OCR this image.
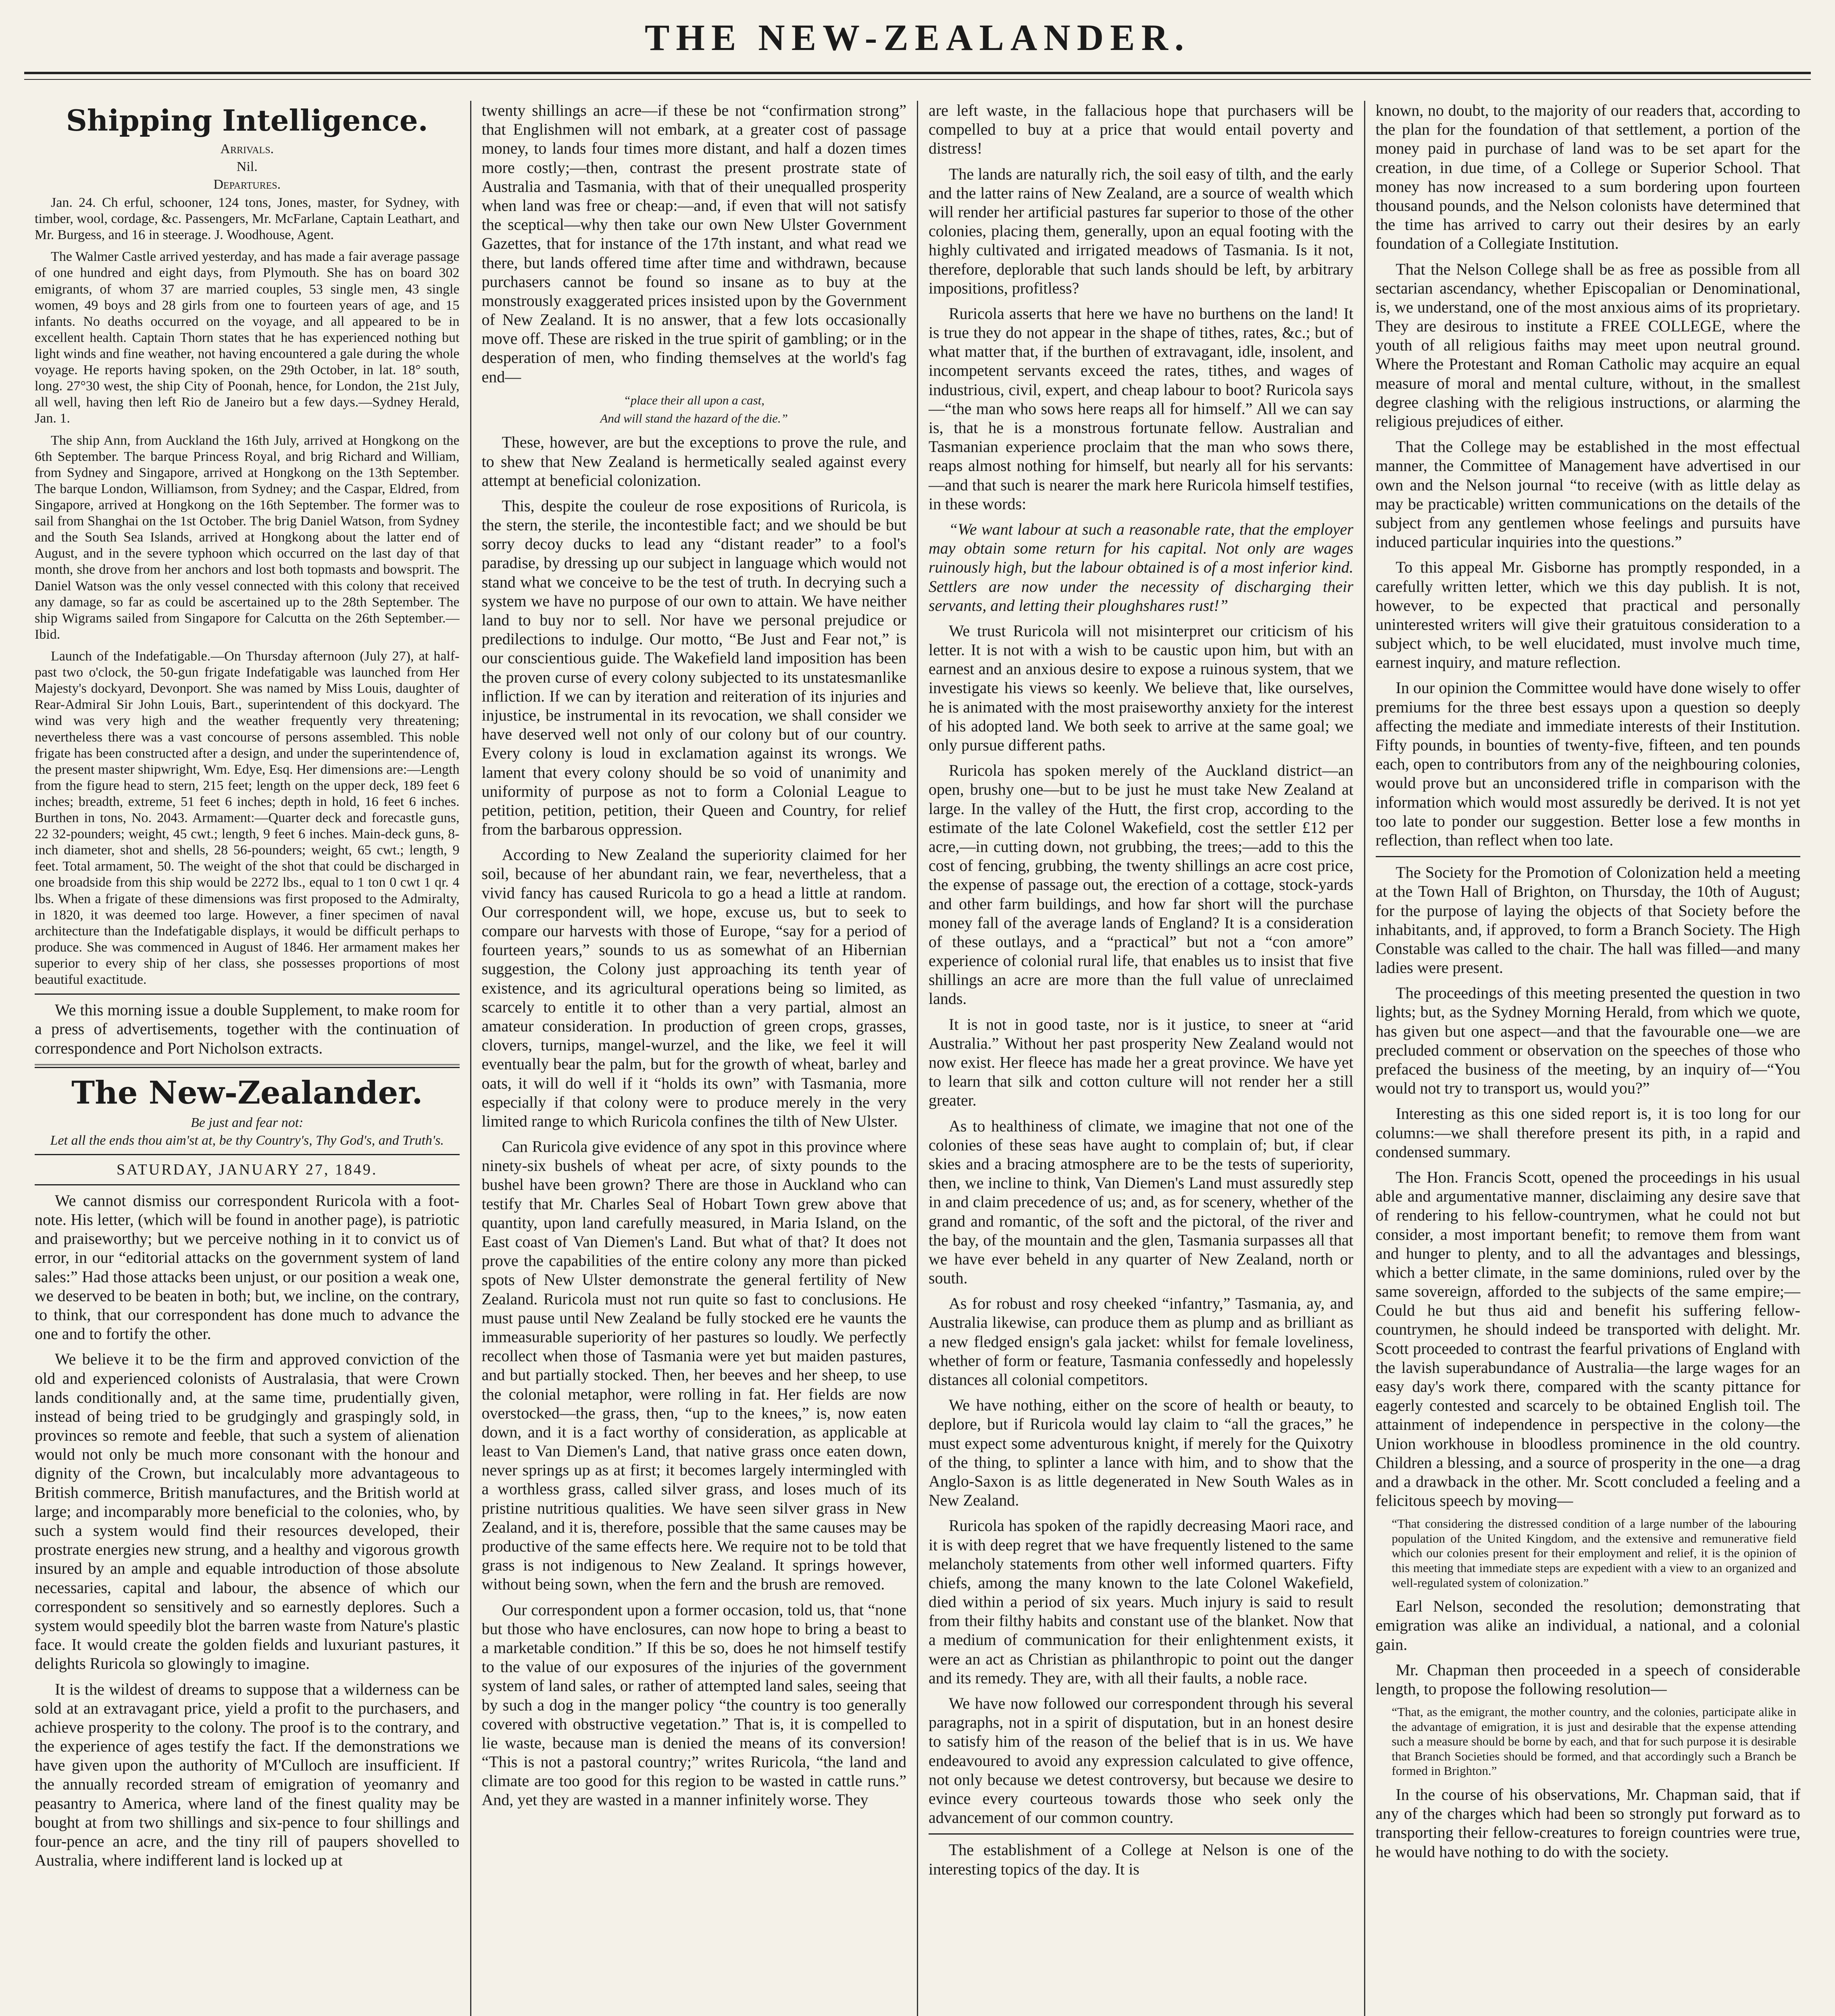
THE NEW-ZEALANDER.
Shipping Intelligence.
Arrivals.
Nil.
Departures.

Jan. 24. Ch erful, schooner, 124 tons, Jones, master, for Sydney, with timber, wool, cordage, &c. Passengers, Mr. McFarlane, Captain Leathart, and Mr. Burgess, and 16 in steerage. J. Woodhouse, Agent.

The Walmer Castle arrived yesterday, and has made a fair average passage of one hundred and eight days, from Plymouth. She has on board 302 emigrants, of whom 37 are married couples, 53 single men, 43 single women, 49 boys and 28 girls from one to fourteen years of age, and 15 infants. No deaths occurred on the voyage, and all appeared to be in excellent health. Captain Thorn states that he has experienced nothing but light winds and fine weather, not having encountered a gale during the whole voyage. He reports having spoken, on the 29th October, in lat. 18° south, long. 27°30 west, the ship City of Poonah, hence, for London, the 21st July, all well, having then left Rio de Janeiro but a few days.—Sydney Herald, Jan. 1.

The ship Ann, from Auckland the 16th July, arrived at Hongkong on the 6th September. The barque Princess Royal, and brig Richard and William, from Sydney and Singapore, arrived at Hongkong on the 13th September. The barque London, Williamson, from Sydney; and the Caspar, Eldred, from Singapore, arrived at Hongkong on the 16th September. The former was to sail from Shanghai on the 1st October. The brig Daniel Watson, from Sydney and the South Sea Islands, arrived at Hongkong about the latter end of August, and in the severe typhoon which occurred on the last day of that month, she drove from her anchors and lost both topmasts and bowsprit. The Daniel Watson was the only vessel connected with this colony that received any damage, so far as could be ascertained up to the 28th September. The ship Wigrams sailed from Singapore for Calcutta on the 26th September.—Ibid.

Launch of the Indefatigable.—On Thursday afternoon (July 27), at half-past two o'clock, the 50-gun frigate Indefatigable was launched from Her Majesty's dockyard, Devonport. She was named by Miss Louis, daughter of Rear-Admiral Sir John Louis, Bart., superintendent of this dockyard. The wind was very high and the weather frequently very threatening; nevertheless there was a vast concourse of persons assembled. This noble frigate has been constructed after a design, and under the superintendence of, the present master shipwright, Wm. Edye, Esq. Her dimensions are:—Length from the figure head to stern, 215 feet; length on the upper deck, 189 feet 6 inches; breadth, extreme, 51 feet 6 inches; depth in hold, 16 feet 6 inches. Burthen in tons, No. 2043. Armament:—Quarter deck and forecastle guns, 22 32-pounders; weight, 45 cwt.; length, 9 feet 6 inches. Main-deck guns, 8-inch diameter, shot and shells, 28 56-pounders; weight, 65 cwt.; length, 9 feet. Total armament, 50. The weight of the shot that could be discharged in one broadside from this ship would be 2272 lbs., equal to 1 ton 0 cwt 1 qr. 4 lbs. When a frigate of these dimensions was first proposed to the Admiralty, in 1820, it was deemed too large. However, a finer specimen of naval architecture than the Indefatigable displays, it would be difficult perhaps to produce. She was commenced in August of 1846. Her armament makes her superior to every ship of her class, she possesses proportions of most beautiful exactitude.

We this morning issue a double Supplement, to make room for a press of advertisements, together with the continuation of correspondence and Port Nicholson extracts.

The New-Zealander.
Be just and fear not:
Let all the ends thou aim'st at, be thy Country's, Thy God's, and Truth's.
SATURDAY, JANUARY 27, 1849.

We cannot dismiss our correspondent Ruricola with a foot-note. His letter, (which will be found in another page), is patriotic and praiseworthy; but we perceive nothing in it to convict us of error, in our “editorial attacks on the government system of land sales:” Had those attacks been unjust, or our position a weak one, we deserved to be beaten in both; but, we incline, on the contrary, to think, that our correspondent has done much to advance the one and to fortify the other.

We believe it to be the firm and approved conviction of the old and experienced colonists of Australasia, that were Crown lands conditionally and, at the same time, prudentially given, instead of being tried to be grudgingly and graspingly sold, in provinces so remote and feeble, that such a system of alienation would not only be much more consonant with the honour and dignity of the Crown, but incalculably more advantageous to British commerce, British manufactures, and the British world at large; and incomparably more beneficial to the colonies, who, by such a system would find their resources developed, their prostrate energies new strung, and a healthy and vigorous growth insured by an ample and equable introduction of those absolute necessaries, capital and labour, the absence of which our correspondent so sensitively and so earnestly deplores. Such a system would speedily blot the barren waste from Nature's plastic face. It would create the golden fields and luxuriant pastures, it delights Ruricola so glowingly to imagine.

It is the wildest of dreams to suppose that a wilderness can be sold at an extravagant price, yield a profit to the purchasers, and achieve prosperity to the colony. The proof is to the contrary, and the experience of ages testify the fact. If the demonstrations we have given upon the authority of M'Culloch are insufficient. If the annually recorded stream of emigration of yeomanry and peasantry to America, where land of the finest quality may be bought at from two shillings and six-pence to four shillings and four-pence an acre, and the tiny rill of paupers shovelled to Australia, where indifferent land is locked up at

twenty shillings an acre—if these be not “confirmation strong” that Englishmen will not embark, at a greater cost of passage money, to lands four times more distant, and half a dozen times more costly;—then, contrast the present prostrate state of Australia and Tasmania, with that of their unequalled prosperity when land was free or cheap:—and, if even that will not satisfy the sceptical—why then take our own New Ulster Government Gazettes, that for instance of the 17th instant, and what read we there, but lands offered time after time and withdrawn, because purchasers cannot be found so insane as to buy at the monstrously exaggerated prices insisted upon by the Government of New Zealand. It is no answer, that a few lots occasionally move off. These are risked in the true spirit of gambling; or in the desperation of men, who finding themselves at the world's fag end—

“place their all upon a cast,
And will stand the hazard of the die.”

These, however, are but the exceptions to prove the rule, and to shew that New Zealand is hermetically sealed against every attempt at beneficial colonization.

This, despite the couleur de rose expositions of Ruricola, is the stern, the sterile, the incontestible fact; and we should be but sorry decoy ducks to lead any “distant reader” to a fool's paradise, by dressing up our subject in language which would not stand what we conceive to be the test of truth. In decrying such a system we have no purpose of our own to attain. We have neither land to buy nor to sell. Nor have we personal prejudice or predilections to indulge. Our motto, “Be Just and Fear not,” is our conscientious guide. The Wakefield land imposition has been the proven curse of every colony subjected to its unstatesmanlike infliction. If we can by iteration and reiteration of its injuries and injustice, be instrumental in its revocation, we shall consider we have deserved well not only of our colony but of our country. Every colony is loud in exclamation against its wrongs. We lament that every colony should be so void of unanimity and uniformity of purpose as not to form a Colonial League to petition, petition, petition, their Queen and Country, for relief from the barbarous oppression.

According to New Zealand the superiority claimed for her soil, because of her abundant rain, we fear, nevertheless, that a vivid fancy has caused Ruricola to go a head a little at random. Our correspondent will, we hope, excuse us, but to seek to compare our harvests with those of Europe, “say for a period of fourteen years,” sounds to us as somewhat of an Hibernian suggestion, the Colony just approaching its tenth year of existence, and its agricultural operations being so limited, as scarcely to entitle it to other than a very partial, almost an amateur consideration. In production of green crops, grasses, clovers, turnips, mangel-wurzel, and the like, we feel it will eventually bear the palm, but for the growth of wheat, barley and oats, it will do well if it “holds its own” with Tasmania, more especially if that colony were to produce merely in the very limited range to which Ruricola confines the tilth of New Ulster.

Can Ruricola give evidence of any spot in this province where ninety-six bushels of wheat per acre, of sixty pounds to the bushel have been grown? There are those in Auckland who can testify that Mr. Charles Seal of Hobart Town grew above that quantity, upon land carefully measured, in Maria Island, on the East coast of Van Diemen's Land. But what of that? It does not prove the capabilities of the entire colony any more than picked spots of New Ulster demonstrate the general fertility of New Zealand. Ruricola must not run quite so fast to conclusions. He must pause until New Zealand be fully stocked ere he vaunts the immeasurable superiority of her pastures so loudly. We perfectly recollect when those of Tasmania were yet but maiden pastures, and but partially stocked. Then, her beeves and her sheep, to use the colonial metaphor, were rolling in fat. Her fields are now overstocked—the grass, then, “up to the knees,” is, now eaten down, and it is a fact worthy of consideration, as applicable at least to Van Diemen's Land, that native grass once eaten down, never springs up as at first; it becomes largely intermingled with a worthless grass, called silver grass, and loses much of its pristine nutritious qualities. We have seen silver grass in New Zealand, and it is, therefore, possible that the same causes may be productive of the same effects here. We require not to be told that grass is not indigenous to New Zealand. It springs however, without being sown, when the fern and the brush are removed.

Our correspondent upon a former occasion, told us, that “none but those who have enclosures, can now hope to bring a beast to a marketable condition.” If this be so, does he not himself testify to the value of our exposures of the injuries of the government system of land sales, or rather of attempted land sales, seeing that by such a dog in the manger policy “the country is too generally covered with obstructive vegetation.” That is, it is compelled to lie waste, because man is denied the means of its conversion! “This is not a pastoral country;” writes Ruricola, “the land and climate are too good for this region to be wasted in cattle runs.” And, yet they are wasted in a manner infinitely worse. They

are left waste, in the fallacious hope that purchasers will be compelled to buy at a price that would entail poverty and distress!

The lands are naturally rich, the soil easy of tilth, and the early and the latter rains of New Zealand, are a source of wealth which will render her artificial pastures far superior to those of the other colonies, placing them, generally, upon an equal footing with the highly cultivated and irrigated meadows of Tasmania. Is it not, therefore, deplorable that such lands should be left, by arbitrary impositions, profitless?

Ruricola asserts that here we have no burthens on the land! It is true they do not appear in the shape of tithes, rates, &c.; but of what matter that, if the burthen of extravagant, idle, insolent, and incompetent servants exceed the rates, tithes, and wages of industrious, civil, expert, and cheap labour to boot? Ruricola says—“the man who sows here reaps all for himself.” All we can say is, that he is a monstrous fortunate fellow. Australian and Tasmanian experience proclaim that the man who sows there, reaps almost nothing for himself, but nearly all for his servants:—and that such is nearer the mark here Ruricola himself testifies, in these words:

“We want labour at such a reasonable rate, that the employer may obtain some return for his capital. Not only are wages ruinously high, but the labour obtained is of a most inferior kind. Settlers are now under the necessity of discharging their servants, and letting their ploughshares rust!”

We trust Ruricola will not misinterpret our criticism of his letter. It is not with a wish to be caustic upon him, but with an earnest and an anxious desire to expose a ruinous system, that we investigate his views so keenly. We believe that, like ourselves, he is animated with the most praiseworthy anxiety for the interest of his adopted land. We both seek to arrive at the same goal; we only pursue different paths.

Ruricola has spoken merely of the Auckland district—an open, brushy one—but to be just he must take New Zealand at large. In the valley of the Hutt, the first crop, according to the estimate of the late Colonel Wakefield, cost the settler £12 per acre,—in cutting down, not grubbing, the trees;—add to this the cost of fencing, grubbing, the twenty shillings an acre cost price, the expense of passage out, the erection of a cottage, stock-yards and other farm buildings, and how far short will the purchase money fall of the average lands of England? It is a consideration of these outlays, and a “practical” but not a “con amore” experience of colonial rural life, that enables us to insist that five shillings an acre are more than the full value of unreclaimed lands.

It is not in good taste, nor is it justice, to sneer at “arid Australia.” Without her past prosperity New Zealand would not now exist. Her fleece has made her a great province. We have yet to learn that silk and cotton culture will not render her a still greater.

As to healthiness of climate, we imagine that not one of the colonies of these seas have aught to complain of; but, if clear skies and a bracing atmosphere are to be the tests of superiority, then, we incline to think, Van Diemen's Land must assuredly step in and claim precedence of us; and, as for scenery, whether of the grand and romantic, of the soft and the pictoral, of the river and the bay, of the mountain and the glen, Tasmania surpasses all that we have ever beheld in any quarter of New Zealand, north or south.

As for robust and rosy cheeked “infantry,” Tasmania, ay, and Australia likewise, can produce them as plump and as brilliant as a new fledged ensign's gala jacket: whilst for female loveliness, whether of form or feature, Tasmania confessedly and hopelessly distances all colonial competitors.

We have nothing, either on the score of health or beauty, to deplore, but if Ruricola would lay claim to “all the graces,” he must expect some adventurous knight, if merely for the Quixotry of the thing, to splinter a lance with him, and to show that the Anglo-Saxon is as little degenerated in New South Wales as in New Zealand.

Ruricola has spoken of the rapidly decreasing Maori race, and it is with deep regret that we have frequently listened to the same melancholy statements from other well informed quarters. Fifty chiefs, among the many known to the late Colonel Wakefield, died within a period of six years. Much injury is said to result from their filthy habits and constant use of the blanket. Now that a medium of communication for their enlightenment exists, it were an act as Christian as philanthropic to point out the danger and its remedy. They are, with all their faults, a noble race.

We have now followed our correspondent through his several paragraphs, not in a spirit of disputation, but in an honest desire to satisfy him of the reason of the belief that is in us. We have endeavoured to avoid any expression calculated to give offence, not only because we detest controversy, but because we desire to evince every courteous towards those who seek only the advancement of our common country.

The establishment of a College at Nelson is one of the interesting topics of the day. It is

known, no doubt, to the majority of our readers that, according to the plan for the foundation of that settlement, a portion of the money paid in purchase of land was to be set apart for the creation, in due time, of a College or Superior School. That money has now increased to a sum bordering upon fourteen thousand pounds, and the Nelson colonists have determined that the time has arrived to carry out their desires by an early foundation of a Collegiate Institution.

That the Nelson College shall be as free as possible from all sectarian ascendancy, whether Episcopalian or Denominational, is, we understand, one of the most anxious aims of its proprietary. They are desirous to institute a FREE COLLEGE, where the youth of all religious faiths may meet upon neutral ground. Where the Protestant and Roman Catholic may acquire an equal measure of moral and mental culture, without, in the smallest degree clashing with the religious instructions, or alarming the religious prejudices of either.

That the College may be established in the most effectual manner, the Committee of Management have advertised in our own and the Nelson journal “to receive (with as little delay as may be practicable) written communications on the details of the subject from any gentlemen whose feelings and pursuits have induced particular inquiries into the questions.”

To this appeal Mr. Gisborne has promptly responded, in a carefully written letter, which we this day publish. It is not, however, to be expected that practical and personally uninterested writers will give their gratuitous consideration to a subject which, to be well elucidated, must involve much time, earnest inquiry, and mature reflection.

In our opinion the Committee would have done wisely to offer premiums for the three best essays upon a question so deeply affecting the mediate and immediate interests of their Institution. Fifty pounds, in bounties of twenty-five, fifteen, and ten pounds each, open to contributors from any of the neighbouring colonies, would prove but an unconsidered trifle in comparison with the information which would most assuredly be derived. It is not yet too late to ponder our suggestion. Better lose a few months in reflection, than reflect when too late.

The Society for the Promotion of Colonization held a meeting at the Town Hall of Brighton, on Thursday, the 10th of August; for the purpose of laying the objects of that Society before the inhabitants, and, if approved, to form a Branch Society. The High Constable was called to the chair. The hall was filled—and many ladies were present.

The proceedings of this meeting presented the question in two lights; but, as the Sydney Morning Herald, from which we quote, has given but one aspect—and that the favourable one—we are precluded comment or observation on the speeches of those who prefaced the business of the meeting, by an inquiry of—“You would not try to transport us, would you?”

Interesting as this one sided report is, it is too long for our columns:—we shall therefore present its pith, in a rapid and condensed summary.

The Hon. Francis Scott, opened the proceedings in his usual able and argumentative manner, disclaiming any desire save that of rendering to his fellow-countrymen, what he could not but consider, a most important benefit; to remove them from want and hunger to plenty, and to all the advantages and blessings, which a better climate, in the same dominions, ruled over by the same sovereign, afforded to the subjects of the same empire;—Could he but thus aid and benefit his suffering fellow-countrymen, he should indeed be transported with delight. Mr. Scott proceeded to contrast the fearful privations of England with the lavish superabundance of Australia—the large wages for an easy day's work there, compared with the scanty pittance for eagerly contested and scarcely to be obtained English toil. The attainment of independence in perspective in the colony—the Union workhouse in bloodless prominence in the old country. Children a blessing, and a source of prosperity in the one—a drag and a drawback in the other. Mr. Scott concluded a feeling and a felicitous speech by moving—

“That considering the distressed condition of a large number of the labouring population of the United Kingdom, and the extensive and remunerative field which our colonies present for their employment and relief, it is the opinion of this meeting that immediate steps are expedient with a view to an organized and well-regulated system of colonization.”

Earl Nelson, seconded the resolution; demonstrating that emigration was alike an individual, a national, and a colonial gain.

Mr. Chapman then proceeded in a speech of considerable length, to propose the following resolution—

“That, as the emigrant, the mother country, and the colonies, participate alike in the advantage of emigration, it is just and desirable that the expense attending such a measure should be borne by each, and that for such purpose it is desirable that Branch Societies should be formed, and that accordingly such a Branch be formed in Brighton.”

In the course of his observations, Mr. Chapman said, that if any of the charges which had been so strongly put forward as to transporting their fellow-creatures to foreign countries were true, he would have nothing to do with the society.
